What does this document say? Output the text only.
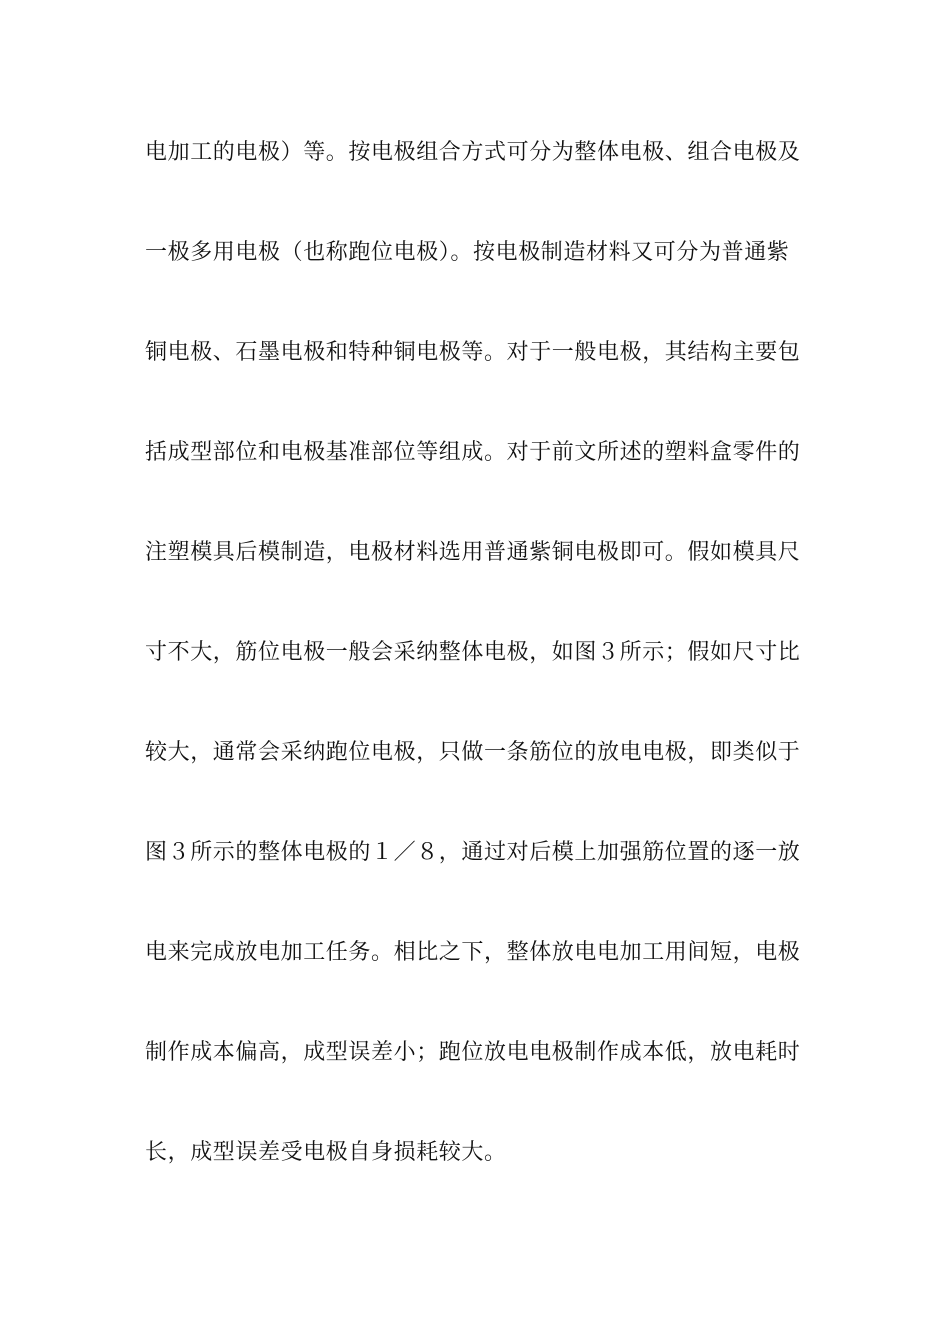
电加工的电极）等。按电极组合方式可分为整体电极、组合电极及
一极多用电极（也称跑位电极）。按电极制造材料又可分为普通紫
铜电极、石墨电极和特种铜电极等。对于一般电极，其结构主要包
括成型部位和电极基准部位等组成。对于前文所述的塑料盒零件的
注塑模具后模制造，电极材料选用普通紫铜电极即可。假如模具尺
寸不大，筋位电极一般会采纳整体电极，如图３所示；假如尺寸比
较大，通常会采纳跑位电极，只做一条筋位的放电电极，即类似于
图３所示的整体电极的１／８，通过对后模上加强筋位置的逐一放
电来完成放电加工任务。相比之下，整体放电电加工用间短，电极
制作成本偏高，成型误差小；跑位放电电极制作成本低，放电耗时
长，成型误差受电极自身损耗较大。
